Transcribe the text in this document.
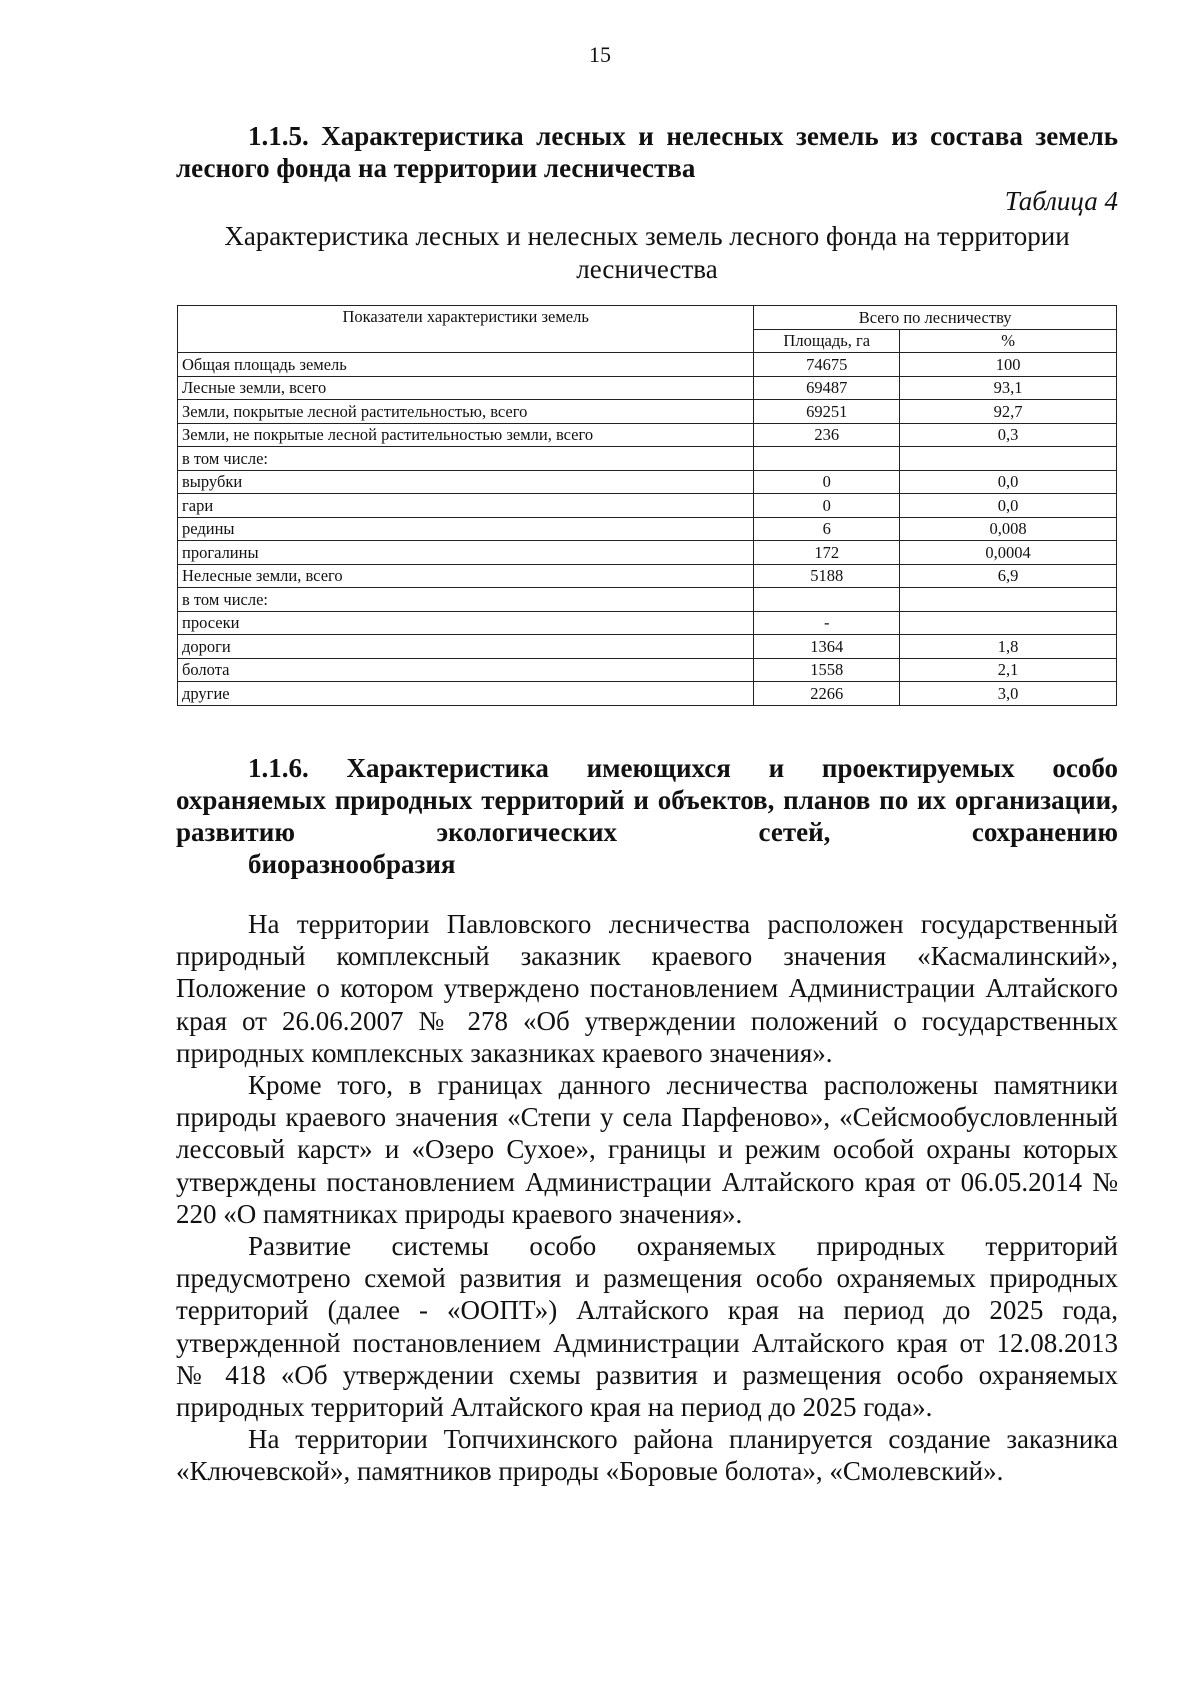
15
1.1.5. Характеристика лесных и нелесных земель из состава земель лесного фонда на территории лесничества
Таблица 4
Характеристика лесных и нелесных земель лесного фонда на территории лесничества
Показатели характеристики земель	Всего по лесничеству	
	Площадь, га	%
Общая площадь земель	74675	100
Лесные земли, всего	69487	93,1
Земли, покрытые лесной растительностью, всего	69251	92,7
Земли, не покрытые лесной растительностью земли, всего	236	0,3
в том числе:		
вырубки	0	0,0
гари	0	0,0
редины	6	0,008
прогалины	172	0,0004
Нелесные земли, всего	5188	6,9
в том числе:		
просеки	-	
дороги	1364	1,8
болота	1558	2,1
другие	2266	3,0
1.1.6. Характеристика имеющихся и проектируемых особо охраняемых природных территорий и объектов, планов по их организации, развитию экологических сетей, сохранению
биоразнообразия

На территории Павловского лесничества расположен государственный природный комплексный заказник краевого значения «Касмалинский», Положение о котором утверждено постановлением Администрации Алтайского края от 26.06.2007 № 278 «Об утверждении положений о государственных природных комплексных заказниках краевого значения».

Кроме того, в границах данного лесничества расположены памятники природы краевого значения «Степи у села Парфеново», «Сейсмообусловленный лессовый карст» и «Озеро Сухое», границы и режим особой охраны которых утверждены постановлением Администрации Алтайского края от 06.05.2014 № 220 «О памятниках природы краевого значения».

Развитие системы особо охраняемых природных территорий предусмотрено схемой развития и размещения особо охраняемых природных территорий (далее - «ООПТ») Алтайского края на период до 2025 года, утвержденной постановлением Администрации Алтайского края от 12.08.2013 № 418 «Об утверждении схемы развития и размещения особо охраняемых природных территорий Алтайского края на период до 2025 года».

На территории Топчихинского района планируется создание заказника «Ключевской», памятников природы «Боровые болота», «Смолевский».
